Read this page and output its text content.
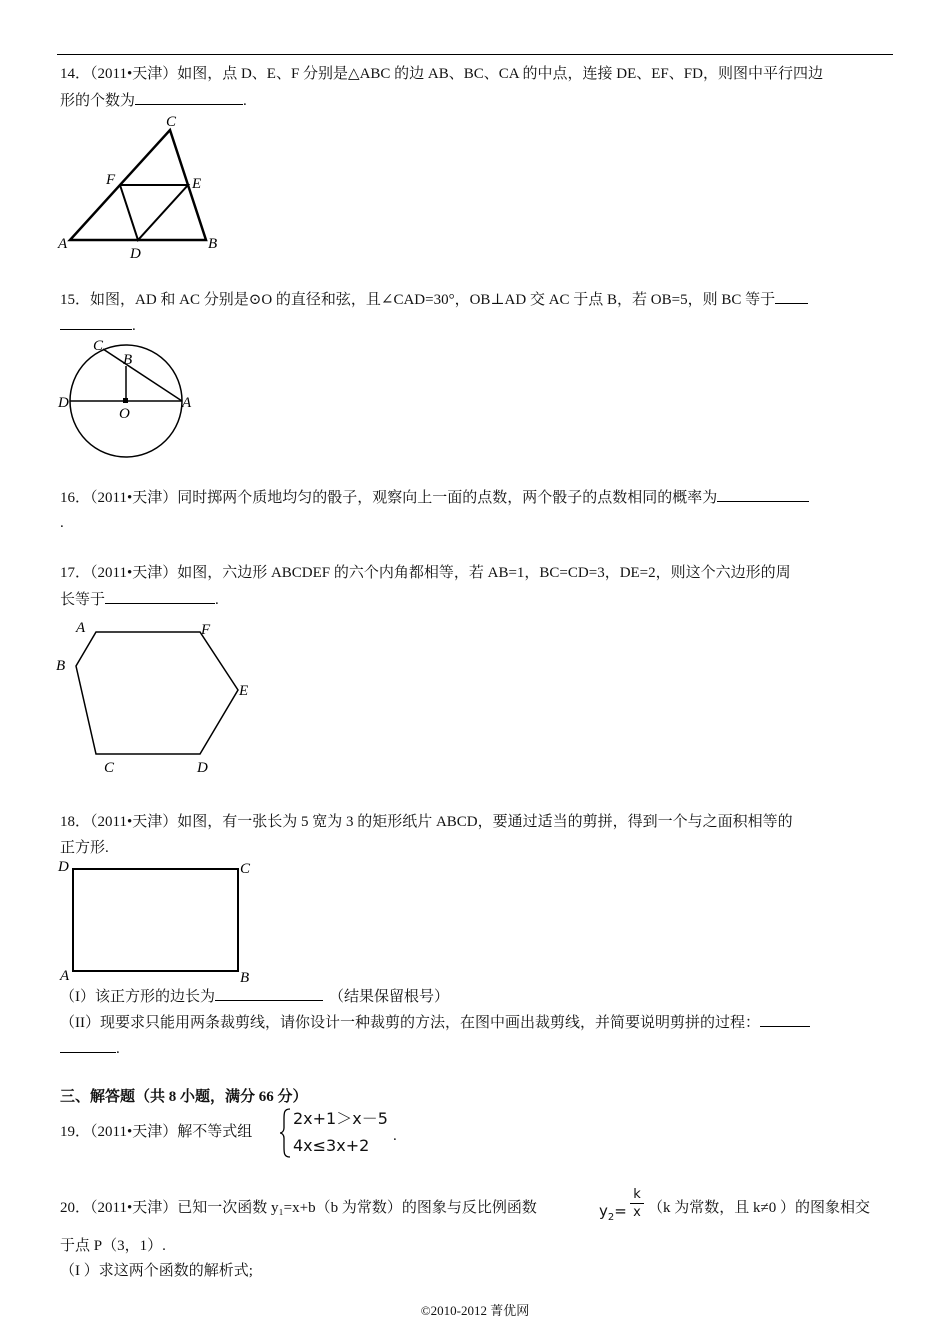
14．（2011•天津）如图，点 D、E、F 分别是△ABC 的边 AB、BC、CA 的中点，连接 DE、EF、FD，则图中平行四边
形的个数为	.
A	B
C
D
E
F
15．如图，AD 和 AC 分别是⊙O 的直径和弦，且∠CAD=30°，OB⊥AD 交 AC 于点 B，若 OB=5，则 BC 等于
.
D	A
C
B
O
16．（2011•天津）同时掷两个质地均匀的骰子，观察向上一面的点数，两个骰子的点数相同的概率为
.
17．（2011•天津）如图，六边形 ABCDEF 的六个内角都相等，若 AB=1，BC=CD=3，DE=2，则这个六边形的周
长等于	.
A
B
C	D
E
F
18．（2011•天津）如图，有一张长为 5 宽为 3 的矩形纸片 ABCD，要通过适当的剪拼，得到一个与之面积相等的
正方形.
D	C
A	B
（I）该正方形的边长为	（结果保留根号）
（II）现要求只能用两条裁剪线，请你设计一种裁剪的方法，在图中画出裁剪线，并简要说明剪拼的过程：
.
三、解答题（共 8 小题，满分 66 分）
19．（2011•天津）解不等式组
2x+1＞x－5
4x≤3x+2 .
20．（2011•天津）已知一次函数 y₁=x+b（b 为常数）的图象与反比例函数	$y_2= \frac{k}{x} (k$ 为常数，且 k≠0 ）的图象相交
于点 P（3，1）.
（I ）求这两个函数的解析式;
©2010-2012 菁优网
